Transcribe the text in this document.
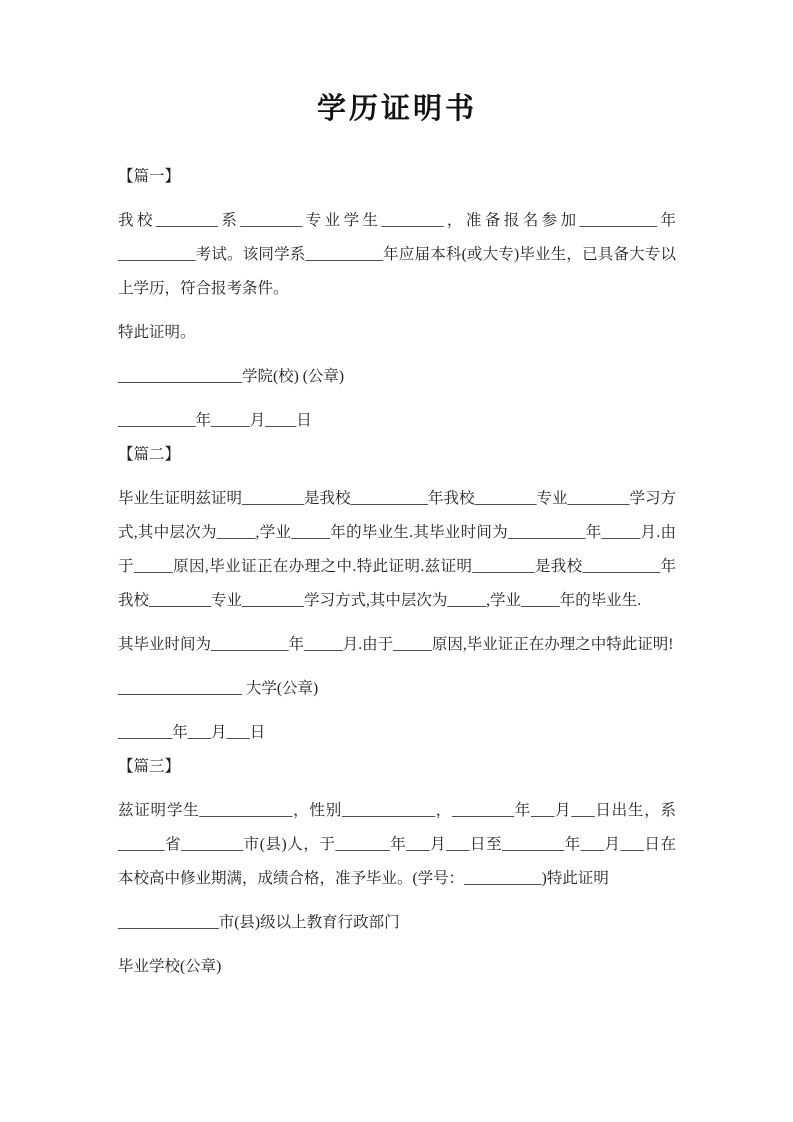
学历证明书

【篇一】

我校________系________专业学生________，准备报名参加__________年__________考试。该同学系__________年应届本科(或大专)毕业生，已具备大专以上学历，符合报考条件。

特此证明。

________________学院(校) (公章)

__________年_____月____日

【篇二】

毕业生证明兹证明________是我校__________年我校________专业________学习方式,其中层次为_____,学业_____年的毕业生.其毕业时间为__________年_____月.由于_____原因,毕业证正在办理之中.特此证明.兹证明________是我校__________年我校________专业________学习方式,其中层次为_____,学业_____年的毕业生.

其毕业时间为__________年_____月.由于_____原因,毕业证正在办理之中特此证明!

________________ 大学(公章)

_______年___月___日

【篇三】

兹证明学生____________，性别____________，________年___月___日出生，系______省________市(县)人，于_______年___月___日至________年___月___日在本校高中修业期满，成绩合格，准予毕业。(学号：__________)特此证明

_____________市(县)级以上教育行政部门

毕业学校(公章)
